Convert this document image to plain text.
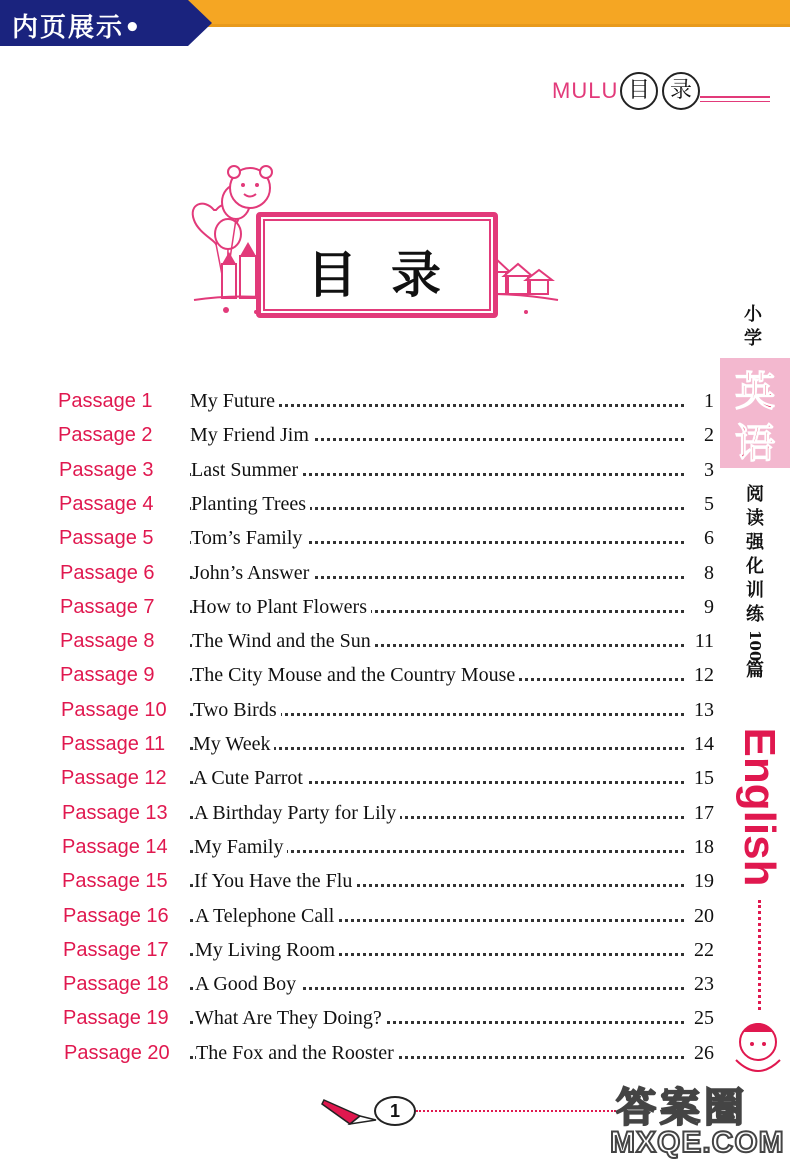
内页展示•
MULU 目 录
目录
Passage 1 My Future	1
Passage 2 My Friend Jim	2
Passage 3 Last Summer	3
Passage 4 Planting Trees	5
Passage 5 Tom’s Family	6
Passage 6 John’s Answer	8
Passage 7 How to Plant Flowers	9
Passage 8 The Wind and the Sun	11
Passage 9 The City Mouse and the Country Mouse	12
Passage 10 Two Birds	13
Passage 11 My Week	14
Passage 12 A Cute Parrot	15
Passage 13 A Birthday Party for Lily	17
Passage 14 My Family	18
Passage 15 If You Have the Flu	19
Passage 16 A Telephone Call	20
Passage 17 My Living Room	22
Passage 18 A Good Boy	23
Passage 19 What Are They Doing?	25
Passage 20 The Fox and the Rooster	26
小
学
英
语
阅
读
强
化
训
练
100
篇
English
1	答案圈
MXQE.COM
